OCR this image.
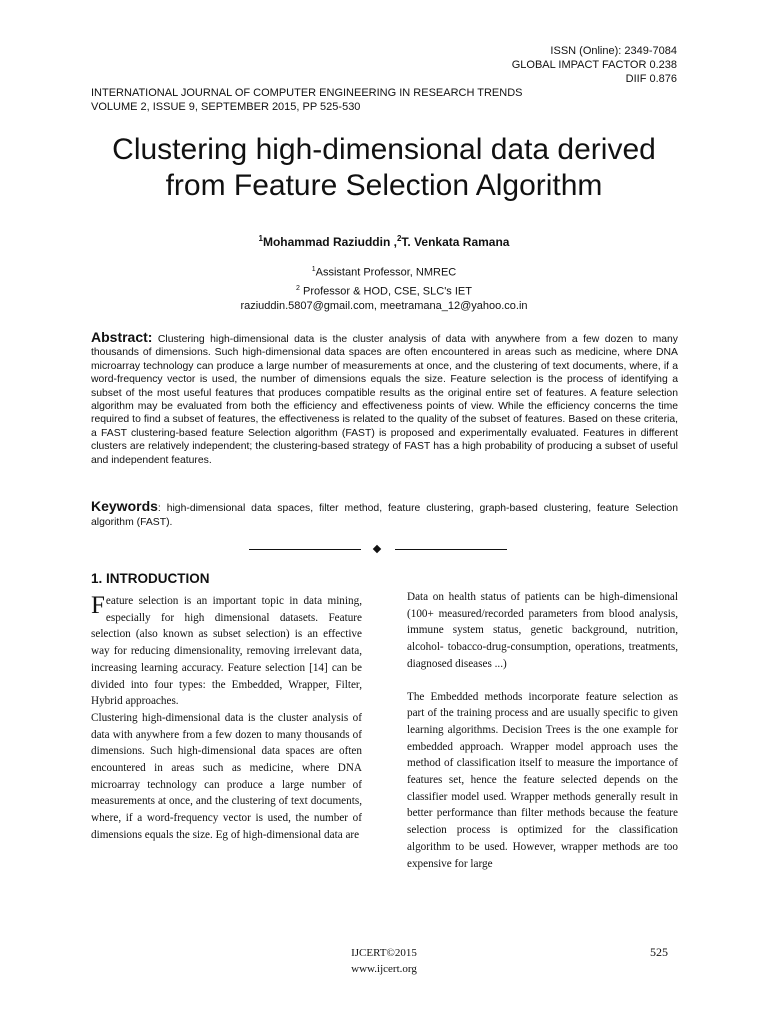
ISSN (Online): 2349-7084
GLOBAL IMPACT FACTOR 0.238
DIIF 0.876
INTERNATIONAL JOURNAL OF COMPUTER ENGINEERING IN RESEARCH TRENDS
VOLUME 2, ISSUE 9, SEPTEMBER 2015, PP 525-530
Clustering high-dimensional data derived
from Feature Selection Algorithm
$^1$Mohammad Raziuddin ,$^2$T. Venkata Ramana
$^1$Assistant Professor, NMREC
$^2$ Professor & HOD, CSE, SLC's IET
raziuddin.5807@gmail.com, meetramana_12@yahoo.co.in
Abstract: Clustering high-dimensional data is the cluster analysis of data with anywhere from a few dozen to many thousands of dimensions. Such high-dimensional data spaces are often encountered in areas such as medicine, where DNA microarray technology can produce a large number of measurements at once, and the clustering of text documents, where, if a word-frequency vector is used, the number of dimensions equals the size. Feature selection is the process of identifying a subset of the most useful features that produces compatible results as the original entire set of features. A feature selection algorithm may be evaluated from both the efficiency and effectiveness points of view. While the efficiency concerns the time required to find a subset of features, the effectiveness is related to the quality of the subset of features. Based on these criteria, a FAST clustering-based feature Selection algorithm (FAST) is proposed and experimentally evaluated. Features in different clusters are relatively independent; the clustering-based strategy of FAST has a high probability of producing a subset of useful and independent features.
Keywords: high-dimensional data spaces, filter method, feature clustering, graph-based clustering, feature Selection algorithm (FAST).
1. INTRODUCTION

Feature selection is an important topic in data mining, especially for high dimensional datasets. Feature selection (also known as subset selection) is an effective way for reducing dimensionality, removing irrelevant data, increasing learning accuracy. Feature selection [14] can be divided into four types: the Embedded, Wrapper, Filter, Hybrid approaches.

Clustering high-dimensional data is the cluster analysis of data with anywhere from a few dozen to many thousands of dimensions. Such high-dimensional data spaces are often encountered in areas such as medicine, where DNA microarray technology can produce a large number of measurements at once, and the clustering of text documents, where, if a word-frequency vector is used, the number of dimensions equals the size. Eg of high-dimensional data are

Data on health status of patients can be high-dimensional (100+ measured/recorded parameters from blood analysis, immune system status, genetic background, nutrition, alcohol- tobacco-drug-consumption, operations, treatments, diagnosed diseases ...)

The Embedded methods incorporate feature selection as part of the training process and are usually specific to given learning algorithms. Decision Trees is the one example for embedded approach. Wrapper model approach uses the method of classification itself to measure the importance of features set, hence the feature selected depends on the classifier model used. Wrapper methods generally result in better performance than filter methods because the feature selection process is optimized for the classification algorithm to be used. However, wrapper methods are too expensive for large

IJCERT©2015
www.ijcert.org
525
